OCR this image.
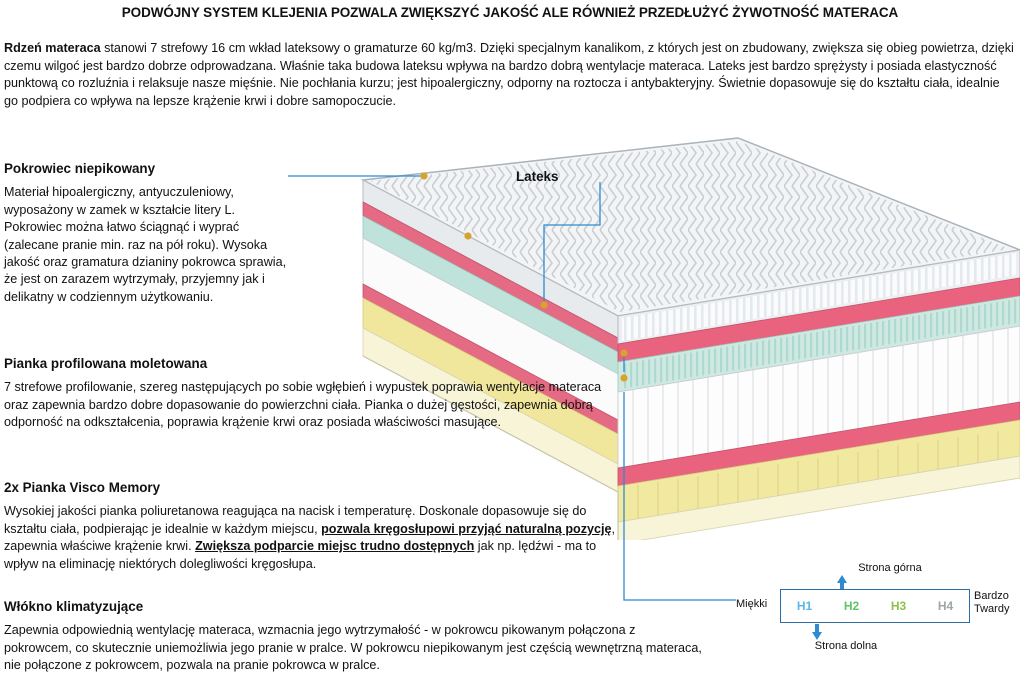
PODWÓJNY SYSTEM KLEJENIA POZWALA ZWIĘKSZYĆ JAKOŚĆ ALE RÓWNIEŻ PRZEDŁUŻYĆ ŻYWOTNOŚĆ MATERACA
Rdzeń materaca stanowi 7 strefowy 16 cm wkład lateksowy o gramaturze 60 kg/m3. Dzięki specjalnym kanalikom, z których jest on zbudowany, zwiększa się obieg powietrza, dzięki czemu wilgoć jest bardzo dobrze odprowadzana. Właśnie taka budowa lateksu wpływa na bardzo dobrą wentylacje materaca. Lateks jest bardzo sprężysty i posiada elastyczność punktową co rozluźnia i relaksuje nasze mięśnie. Nie pochłania kurzu; jest hipoalergiczny, odporny na roztocza i antybakteryjny. Świetnie dopasowuje się do kształtu ciała, idealnie go podpiera co wpływa na lepsze krążenie krwi i dobre samopoczucie.
Lateks
Pokrowiec niepikowany

Materiał hipoalergiczny, antyuczuleniowy, wyposażony w zamek w kształcie litery L. Pokrowiec można łatwo ściągnąć i wyprać (zalecane pranie min. raz na pół roku). Wysoka jakość oraz gramatura dzianiny pokrowca sprawia, że jest on zarazem wytrzymały, przyjemny jak i delikatny w codziennym użytkowaniu.

Pianka profilowana moletowana

7 strefowe profilowanie, szereg następujących po sobie wgłębień i wypustek poprawia wentylacje materaca oraz zapewnia bardzo dobre dopasowanie do powierzchni ciała. Pianka o dużej gęstości, zapewnia dobrą odporność na odkształcenia, poprawia krążenie krwi oraz posiada właściwości masujące.

2x Pianka Visco Memory

Wysokiej jakości pianka poliuretanowa reagująca na nacisk i temperaturę. Doskonale dopasowuje się do kształtu ciała, podpierając je idealnie w każdym miejscu, pozwala kręgosłupowi przyjąć naturalną pozycję, zapewnia właściwe krążenie krwi. Zwiększa podparcie miejsc trudno dostępnych jak np. lędźwi - ma to wpływ na eliminację niektórych dolegliwości kręgosłupa.

Włókno klimatyzujące

Zapewnia odpowiednią wentylację materaca, wzmacnia jego wytrzymałość - w pokrowcu pikowanym połączona z pokrowcem, co skutecznie uniemożliwia jego pranie w pralce. W pokrowcu niepikowanym jest częścią wewnętrzną materaca, nie połączone z pokrowcem, pozwala na pranie pokrowca w pralce.

Strona górna
Miękki	H1	H2	H3	H4
Bardzo
Twardy
Strona dolna
